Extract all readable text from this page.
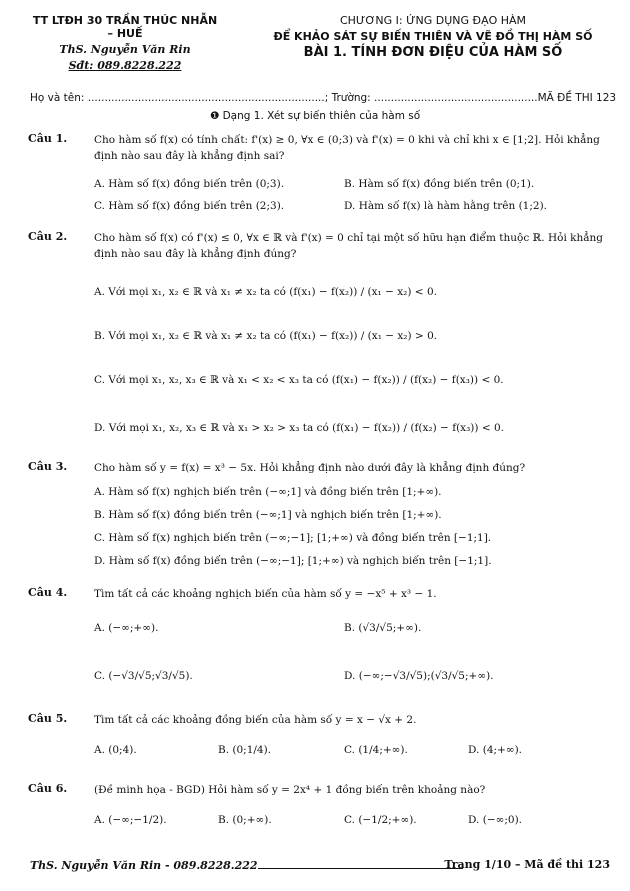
TT LTĐH 30 TRẦN THÚC NHẪN – HUẾ
ThS. Nguyễn Văn Rin
Sđt: 089.8228.222
CHƯƠNG I: ỨNG DỤNG ĐẠO HÀM
ĐỂ KHẢO SÁT SỰ BIẾN THIÊN VÀ VẼ ĐỒ THỊ HÀM SỐ
BÀI 1. TÍNH ĐƠN ĐIỆU CỦA HÀM SỐ
Họ và tên: .......................................................................; Trường: .................................................MÃ ĐỀ THI 123
❶ Dạng 1. Xét sự biến thiên của hàm số
Câu 1.	Cho hàm số f(x) có tính chất: f'(x) ≥ 0, ∀x ∈ (0;3) và f'(x) = 0 khi và chỉ khi x ∈ [1;2]. Hỏi khẳng định nào sau đây là khẳng định sai?
A. Hàm số f(x) đồng biến trên (0;3).	B. Hàm số f(x) đồng biến trên (0;1).
C. Hàm số f(x) đồng biến trên (2;3).	D. Hàm số f(x) là hàm hằng trên (1;2).
Câu 2.	Cho hàm số f(x) có f'(x) ≤ 0, ∀x ∈ ℝ và f'(x) = 0 chỉ tại một số hữu hạn điểm thuộc ℝ. Hỏi khẳng định nào sau đây là khẳng định đúng?
A. Với mọi x₁, x₂ ∈ ℝ và x₁ ≠ x₂ ta có (f(x₁) − f(x₂)) / (x₁ − x₂) < 0.
B. Với mọi x₁, x₂ ∈ ℝ và x₁ ≠ x₂ ta có (f(x₁) − f(x₂)) / (x₁ − x₂) > 0.
C. Với mọi x₁, x₂, x₃ ∈ ℝ và x₁ < x₂ < x₃ ta có (f(x₁) − f(x₂)) / (f(x₂) − f(x₃)) < 0.
D. Với mọi x₁, x₂, x₃ ∈ ℝ và x₁ > x₂ > x₃ ta có (f(x₁) − f(x₂)) / (f(x₂) − f(x₃)) < 0.
Câu 3.	Cho hàm số y = f(x) = x³ − 5x. Hỏi khẳng định nào dưới đây là khẳng định đúng?
A. Hàm số f(x) nghịch biến trên (−∞;1] và đồng biến trên [1;+∞).
B. Hàm số f(x) đồng biến trên (−∞;1] và nghịch biến trên [1;+∞).
C. Hàm số f(x) nghịch biến trên (−∞;−1]; [1;+∞) và đồng biến trên [−1;1].
D. Hàm số f(x) đồng biến trên (−∞;−1]; [1;+∞) và nghịch biến trên [−1;1].
Câu 4.	Tìm tất cả các khoảng nghịch biến của hàm số y = −x⁵ + x³ − 1.
A. (−∞;+∞).	B. (√3/√5;+∞).
C. (−√3/√5;√3/√5).	D. (−∞;−√3/√5);(√3/√5;+∞).
Câu 5.	Tìm tất cả các khoảng đồng biến của hàm số y = x − √x + 2.
A. (0;4).	B. (0;1/4).	C. (1/4;+∞).	D. (4;+∞).
Câu 6.	(Đề minh họa - BGD) Hỏi hàm số y = 2x⁴ + 1 đồng biến trên khoảng nào?
A. (−∞;−1/2).	B. (0;+∞).	C. (−1/2;+∞).	D. (−∞;0).
ThS. Nguyễn Văn Rin - 089.8228.222	Trang 1/10 – Mã đề thi 123
